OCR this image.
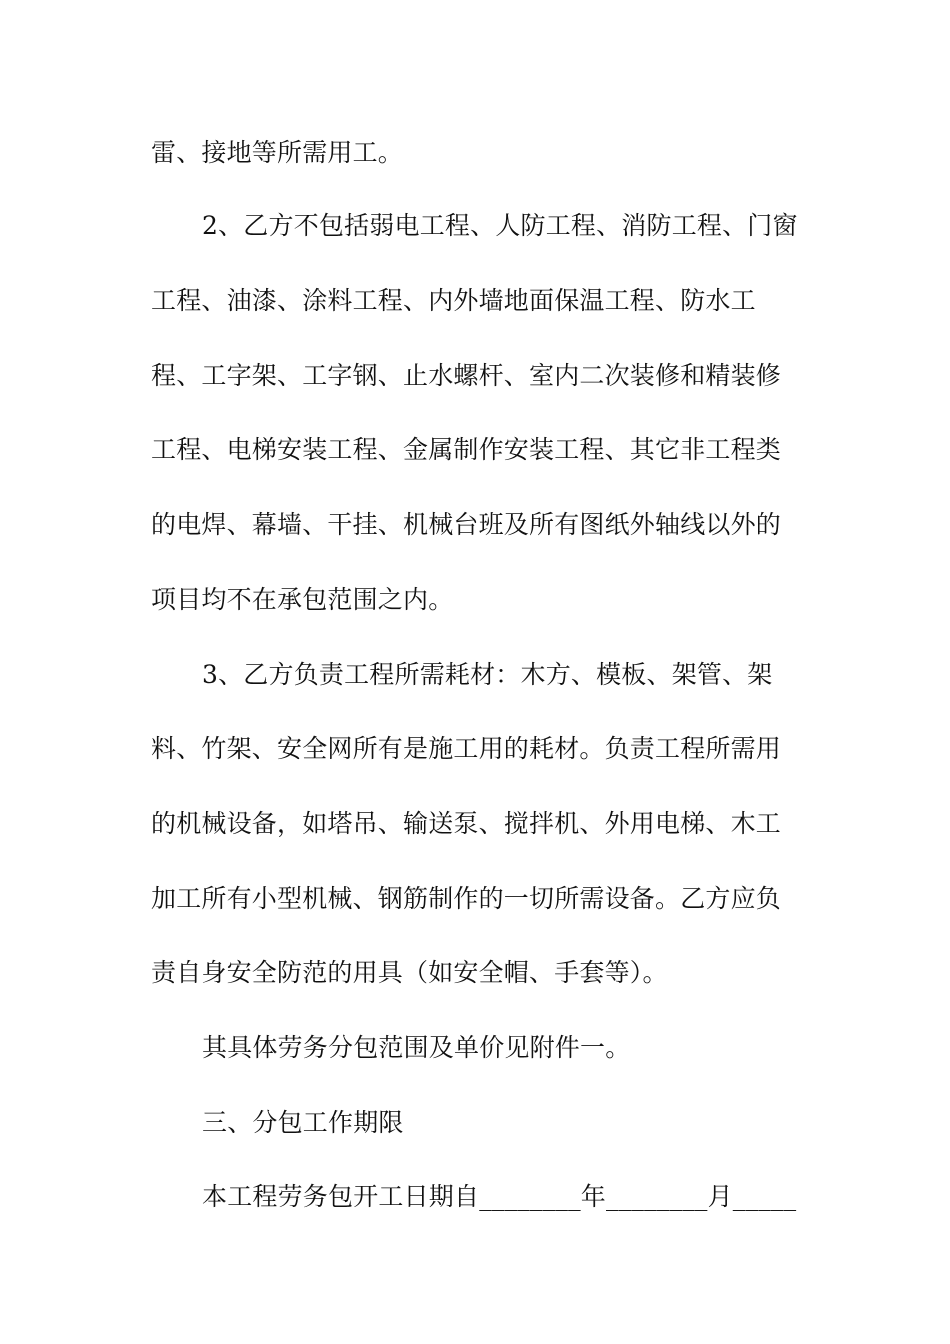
雷、接地等所需用工。
2、乙方不包括弱电工程、人防工程、消防工程、门窗
工程、油漆、涂料工程、内外墙地面保温工程、防水工
程、工字架、工字钢、止水螺杆、室内二次装修和精装修
工程、电梯安装工程、金属制作安装工程、其它非工程类
的电焊、幕墙、干挂、机械台班及所有图纸外轴线以外的
项目均不在承包范围之内。
3、乙方负责工程所需耗材：木方、模板、架管、架
料、竹架、安全网所有是施工用的耗材。负责工程所需用
的机械设备，如塔吊、输送泵、搅拌机、外用电梯、木工
加工所有小型机械、钢筋制作的一切所需设备。乙方应负
责自身安全防范的用具（如安全帽、手套等）。
其具体劳务分包范围及单价见附件一。
三、分包工作期限
本工程劳务包开工日期自________年________月_____
